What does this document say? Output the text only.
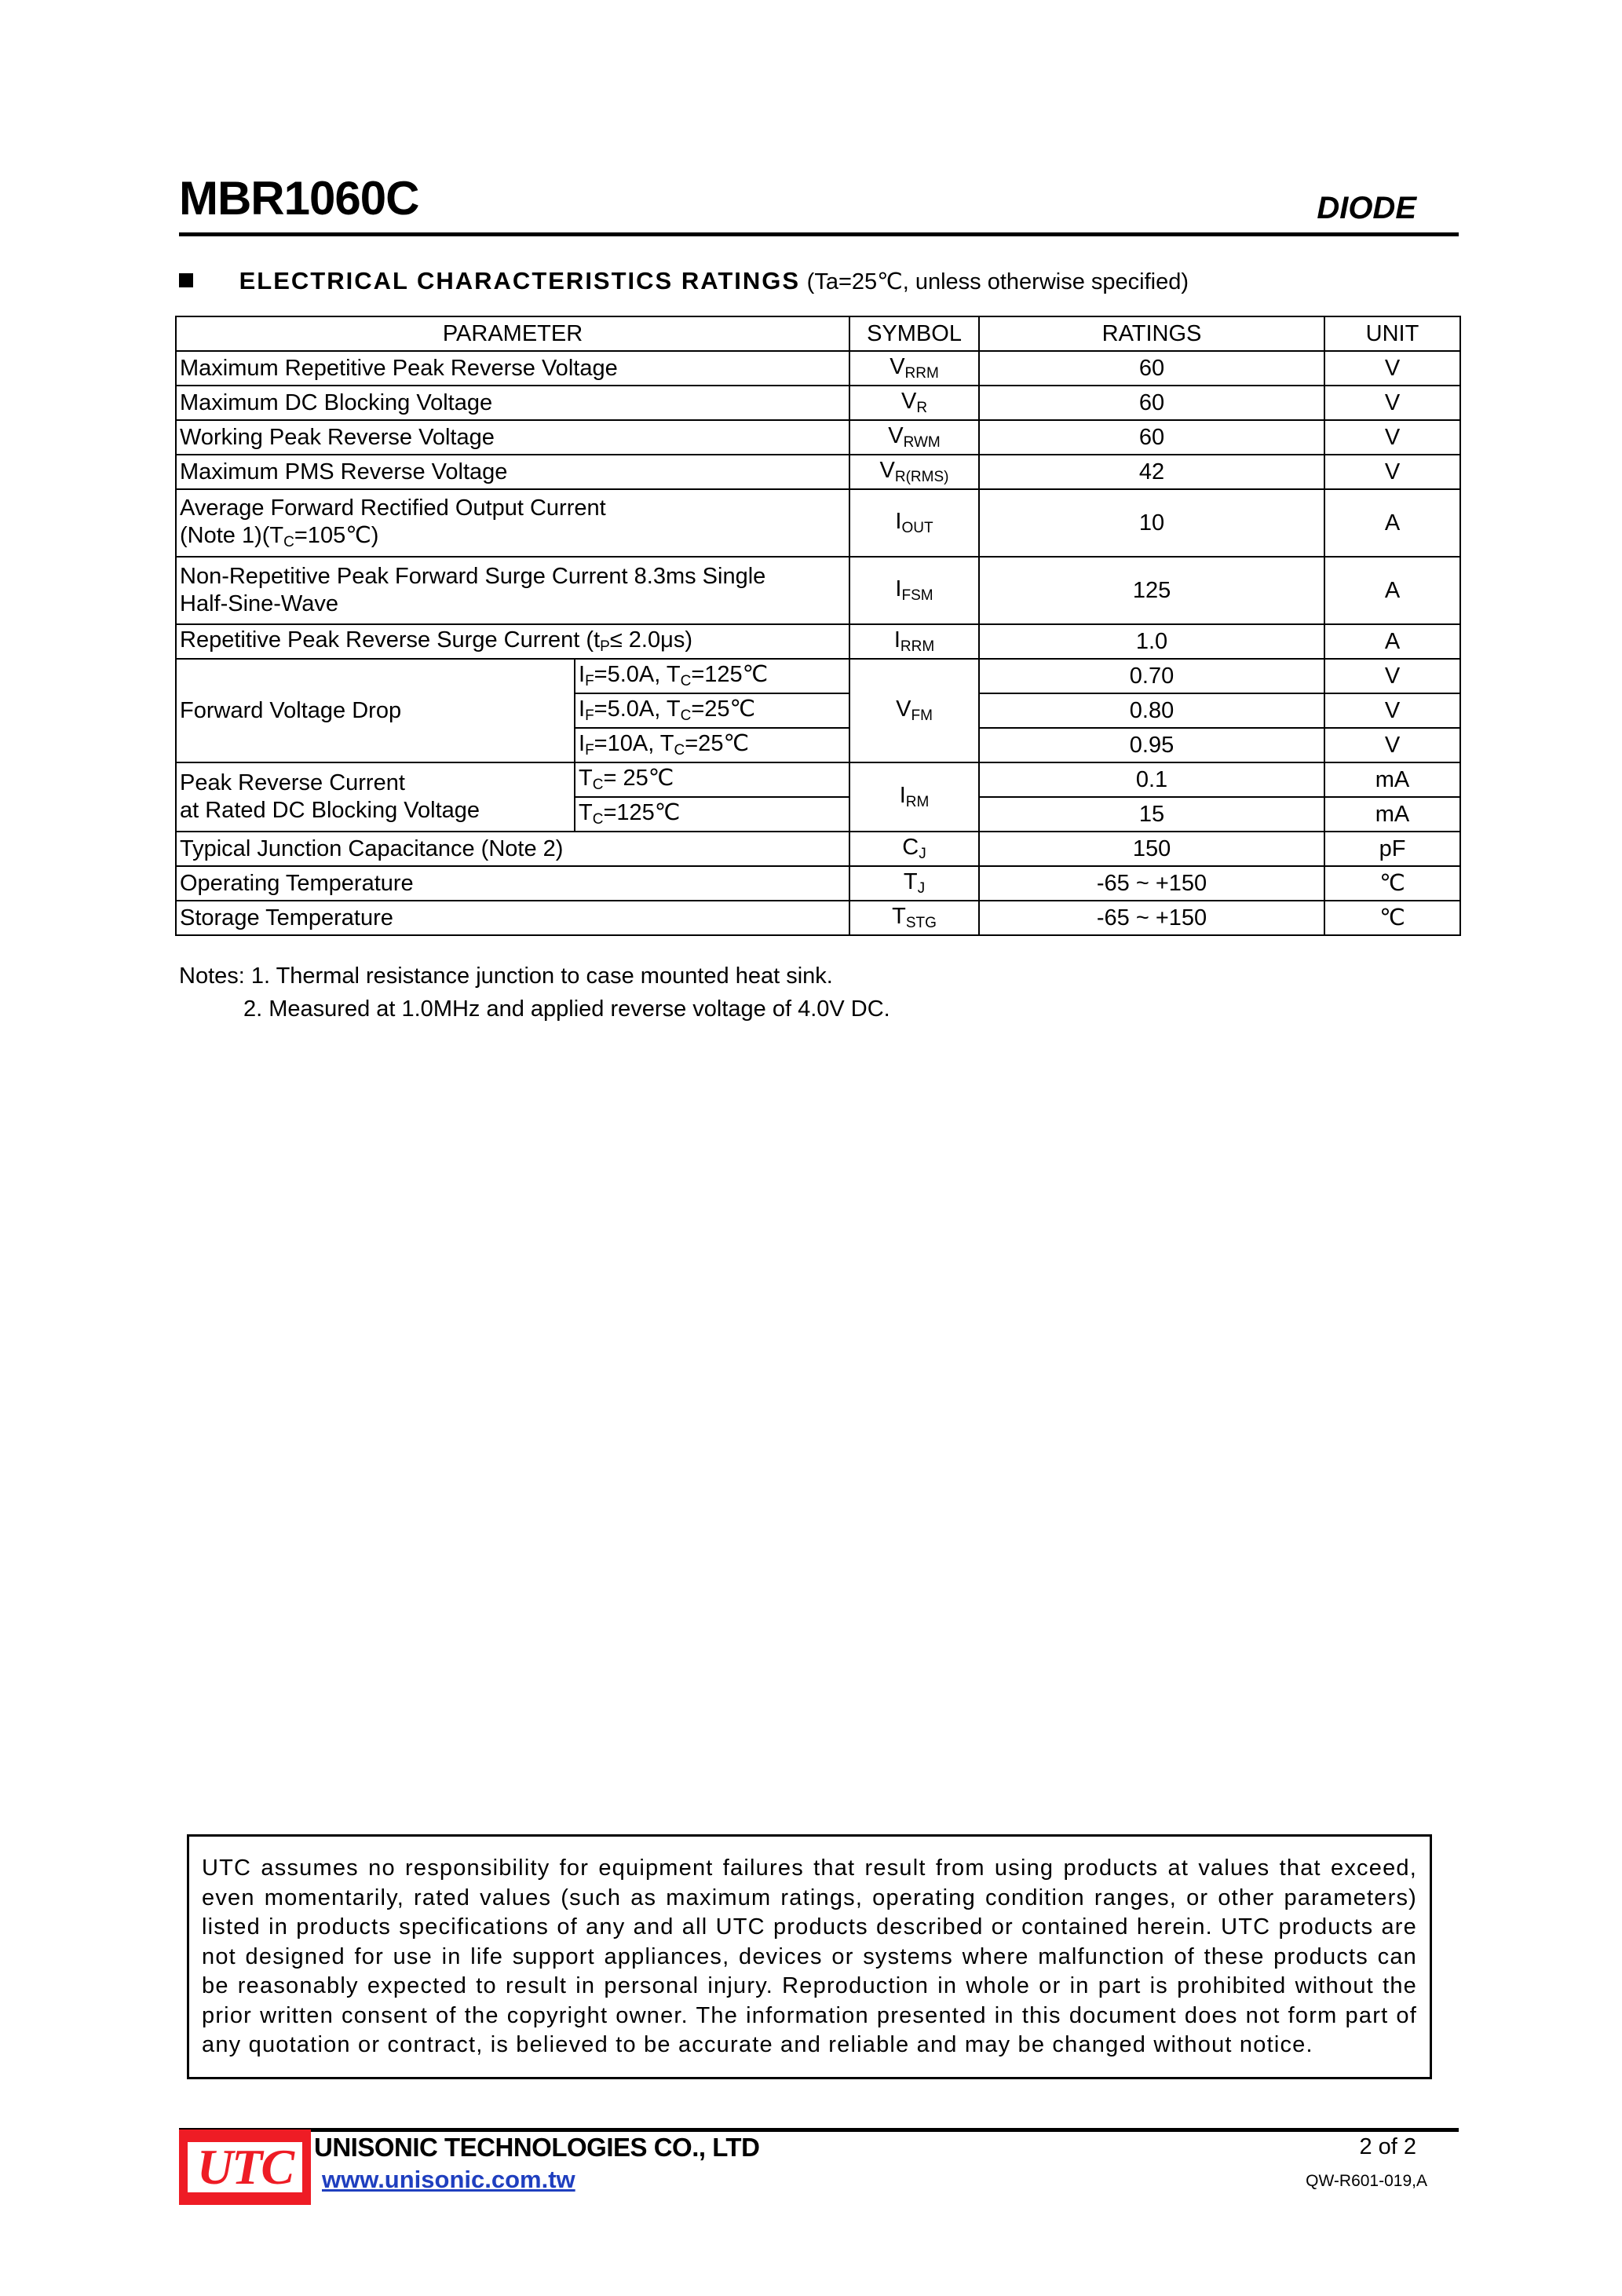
MBR1060C	DIODE
ELECTRICAL CHARACTERISTICS RATINGS (Ta=25℃, unless otherwise specified)
PARAMETER		SYMBOL	RATINGS	UNIT
Maximum Repetitive Peak Reverse Voltage		$V_{RRM}$	60	V
Maximum DC Blocking Voltage		$V_R$	60	V
Working Peak Reverse Voltage		$V_{RWM}$	60	V
Maximum PMS Reverse Voltage		$V_{R(RMS)}$	42	V

Average Forward Rectified Output Current
(Note $1)(T_C=105℃)$		$I_{OUT}$	10	A

Non-Repetitive Peak Forward Surge Current 8.3ms Single
Half-Sine-Wave		$I_{FSM}$	125	A
Repetitive Peak Reverse Surge Current $(t_P\le 2.0\mu s)$		$I_{RRM}$	1.0	A
Forward Voltage Drop	$I_F=5.0A$, $T_C=125℃$	$V_{FM}$	0.70	V
	$I_F=5.0A$, $T_C=25℃$		0.80	V
	$I_F=10A$, $T_C=25℃$		0.95	V

Peak Reverse Current
at Rated DC Blocking Voltage	$T_C=$ 25℃	$I_{RM}$	0.1	mA
	$T_C=125℃$		15	mA
Typical Junction Capacitance (Note 2)		$C_J$	150	pF
Operating Temperature		$T_J$	-65 ~ +150	℃
Storage Temperature		$T_{STG}$	-65 ~ +150	℃
Notes: 1. Thermal resistance junction to case mounted heat sink.
2. Measured at 1.0MHz and applied reverse voltage of 4.0V DC.
UTC assumes no responsibility for equipment failures that result from using products at values that exceed, even momentarily, rated values (such as maximum ratings, operating condition ranges, or other parameters) listed in products specifications of any and all UTC products described or contained herein. UTC products are not designed for use in life support appliances, devices or systems where malfunction of these products can be reasonably expected to result in personal injury. Reproduction in whole or in part is prohibited without the prior written consent of the copyright owner. The information presented in this document does not form part of any quotation or contract, is believed to be accurate and reliable and may be changed without notice.
UTC UNISONIC TECHNOLOGIES CO., LTD
www.unisonic.com.tw
2 of 2
QW-R601-019,A
